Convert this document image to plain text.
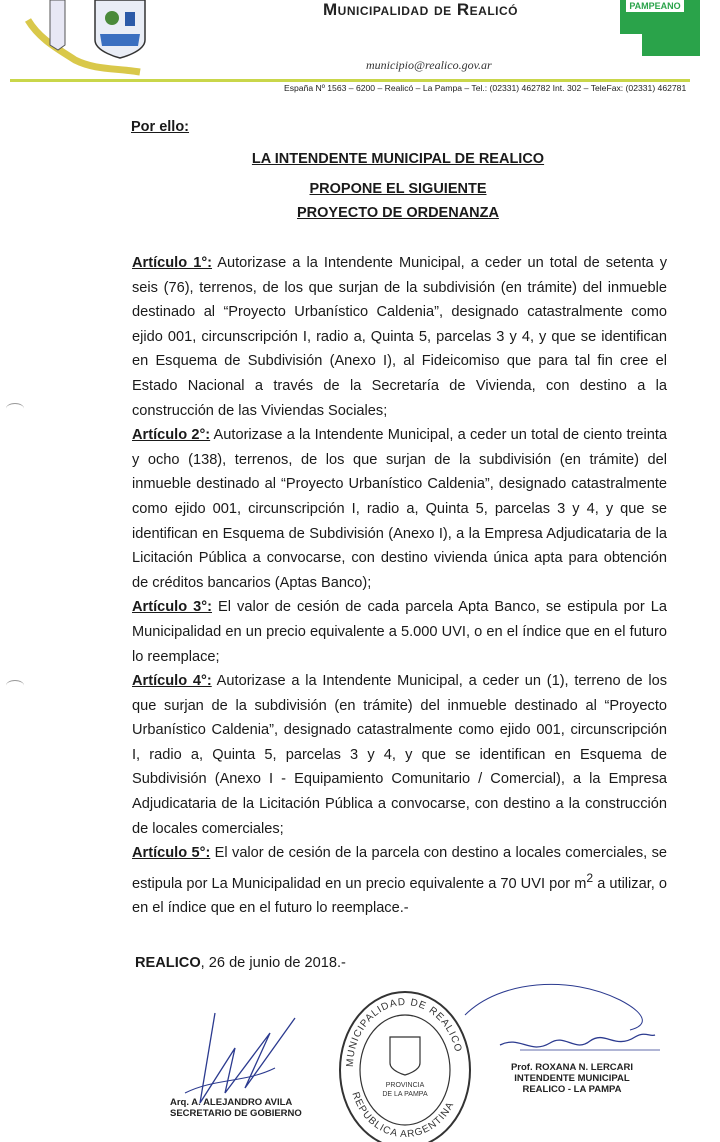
Municipalidad de Realicó	PAMPEANO
municipio@realico.gov.ar
España Nº 1563 – 6200 – Realicó – La Pampa – Tel.: (02331) 462782 Int. 302 – TeleFax: (02331) 462781
Por ello:
LA INTENDENTE MUNICIPAL DE REALICO
PROPONE EL SIGUIENTE
PROYECTO DE ORDENANZA

Artículo 1°: Autorizase a la Intendente Municipal, a ceder un total de setenta y seis (76), terrenos, de los que surjan de la subdivisión (en trámite) del inmueble destinado al “Proyecto Urbanístico Caldenia”, designado catastralmente como ejido 001, circunscripción I, radio a, Quinta 5, parcelas 3 y 4, y que se identifican en Esquema de Subdivisión (Anexo I), al Fideicomiso que para tal fin cree el Estado Nacional a través de la Secretaría de Vivienda, con destino a la construcción de las Viviendas Sociales;

Artículo 2°: Autorizase a la Intendente Municipal, a ceder un total de ciento treinta y ocho (138), terrenos, de los que surjan de la subdivisión (en trámite) del inmueble destinado al “Proyecto Urbanístico Caldenia”, designado catastralmente como ejido 001, circunscripción I, radio a, Quinta 5, parcelas 3 y 4, y que se identifican en Esquema de Subdivisión (Anexo I), a la Empresa Adjudicataria de la Licitación Pública a convocarse, con destino vivienda única apta para obtención de créditos bancarios (Aptas Banco);

Artículo 3°: El valor de cesión de cada parcela Apta Banco, se estipula por La Municipalidad en un precio equivalente a 5.000 UVI, o en el índice que en el futuro lo reemplace;

Artículo 4°: Autorizase a la Intendente Municipal, a ceder un (1), terreno de los que surjan de la subdivisión (en trámite) del inmueble destinado al “Proyecto Urbanístico Caldenia”, designado catastralmente como ejido 001, circunscripción I, radio a, Quinta 5, parcelas 3 y 4, y que se identifican en Esquema de Subdivisión (Anexo I - Equipamiento Comunitario / Comercial), a la Empresa Adjudicataria de la Licitación Pública a convocarse, con destino a la construcción de locales comerciales;

Artículo 5°: El valor de cesión de la parcela con destino a locales comerciales, se estipula por La Municipalidad en un precio equivalente a 70 UVI por $m^2$ a utilizar, o en el índice que en el futuro lo reemplace.-

REALICO, 26 de junio de 2018.-
Arq. A. ALEJANDRO AVILA
SECRETARIO DE GOBIERNO
MUNICIPALIDAD DE REALICO
REPUBLICA ARGENTINA
PROVINCIA
DE LA PAMPA
Prof. ROXANA N. LERCARI
INTENDENTE MUNICIPAL
REALICO - LA PAMPA
